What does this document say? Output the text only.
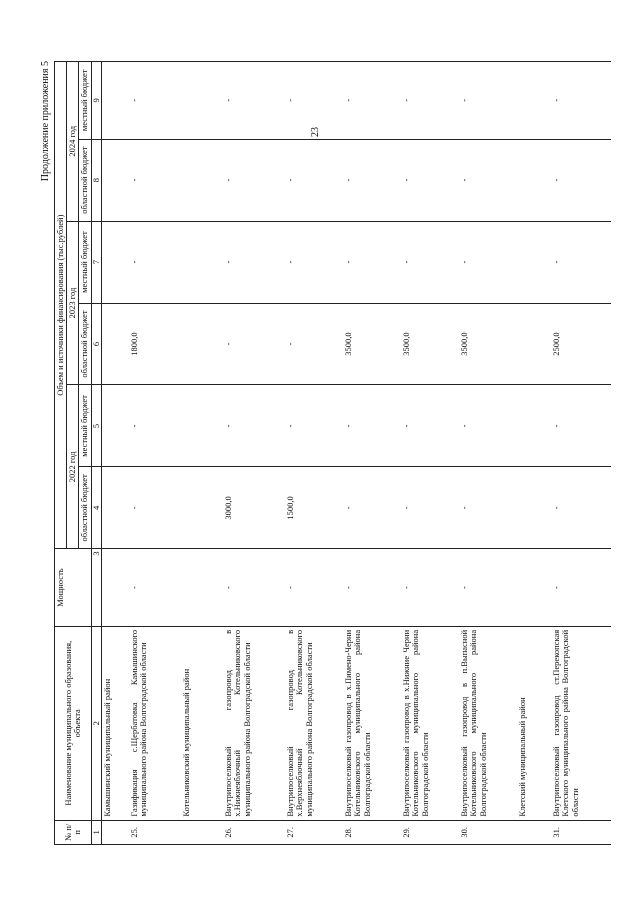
23
Продолжение приложения 5
№ п/п	Наименование муниципального образования, объекта	Мощность	Объем и источники финансирования (тыс.рублей)					
			2022 год		2023 год		2024 год	
			областной бюджет	местный бюджет	областной бюджет	местный бюджет	областной бюджет	местный бюджет
1	2	3	4	5	6	7	8	9
	Камышинский муниципальный район							
25.	Газификация с.Щербатовка Камышинского муниципального района Волгоградской области	-	-	-	1800,0	-	-	-
	Котельниковский муниципальный район							
26.	Внутрипоселковый газопровод в х.Нижнеяблочный Котельниковского муниципального района Волгоградской области	-	3000,0	-	-	-	-	-
27.	Внутрипоселковый газопровод в х.Верхнеяблочный Котельниковского муниципального района Волгоградской области	-	1500,0	-	-	-	-	-
28.	Внутрипоселковый газопровод в х.Пимено-Черни Котельниковского муниципального района Волгоградской области	-	-	-	3500,0	-	-	-
29.	Внутрипоселковый газопровод в х.Нижние Черни Котельниковского муниципального района Волгоградской области	-	-	-	3500,0	-	-	-
30.	Внутрипоселковый газопровод в п.Выпасной Котельниковского муниципального района Волгоградской области	-	-	-	3500,0	-	-	-
	Клетский муниципальный район							
31.	Внутрипоселковый газопровод ст.Перекопская Клетского муниципального района Волгоградской области	-	-	-	2500,0	-	-	-
